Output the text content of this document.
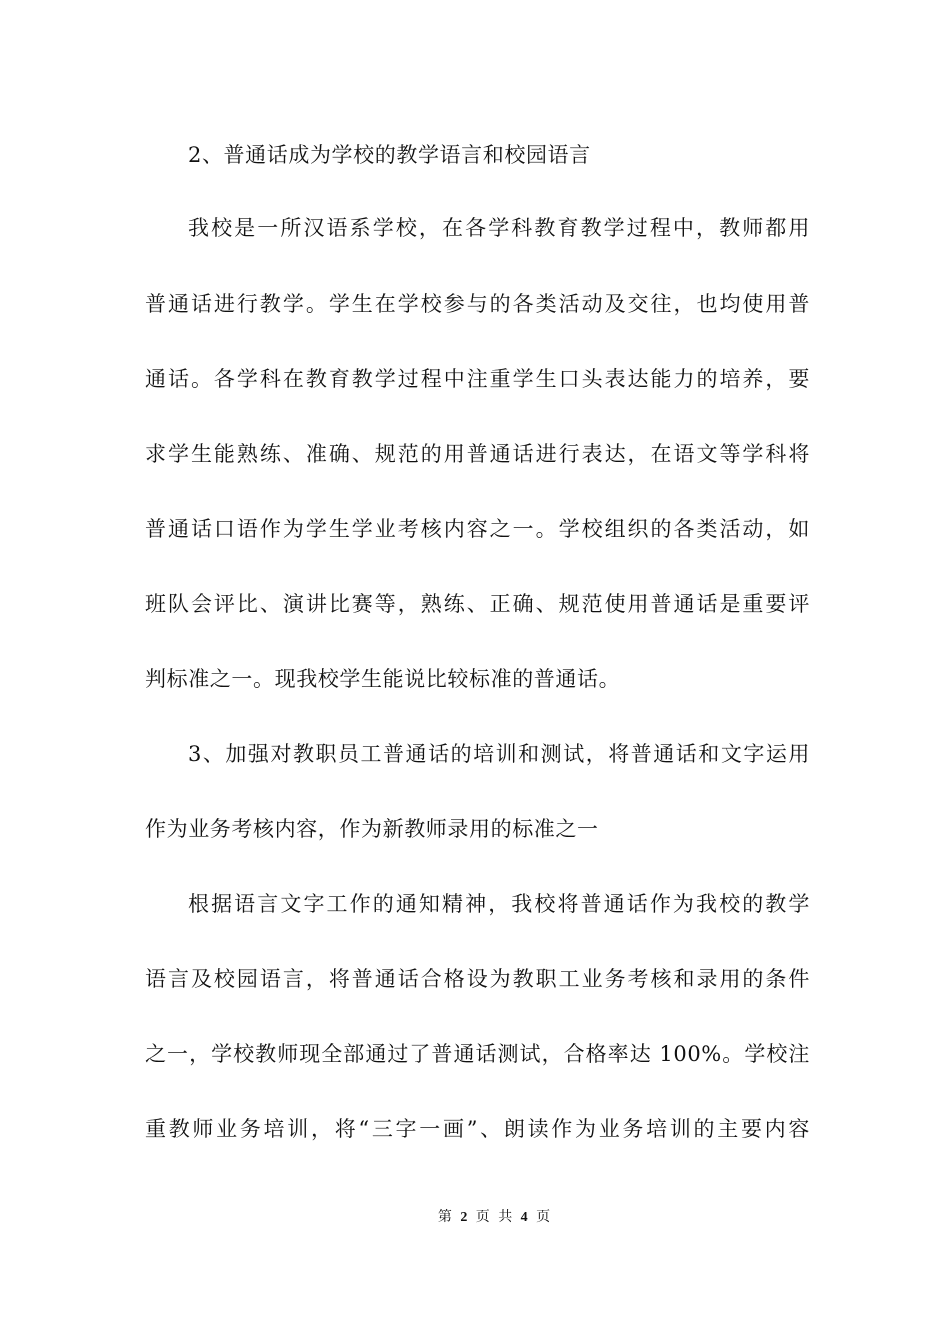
2、普通话成为学校的教学语言和校园语言
我校是一所汉语系学校，在各学科教育教学过程中，教师都用
普通话进行教学。学生在学校参与的各类活动及交往，也均使用普
通话。各学科在教育教学过程中注重学生口头表达能力的培养，要
求学生能熟练、准确、规范的用普通话进行表达，在语文等学科将
普通话口语作为学生学业考核内容之一。学校组织的各类活动，如
班队会评比、演讲比赛等，熟练、正确、规范使用普通话是重要评
判标准之一。现我校学生能说比较标准的普通话。
3、加强对教职员工普通话的培训和测试，将普通话和文字运用
作为业务考核内容，作为新教师录用的标准之一
根据语言文字工作的通知精神，我校将普通话作为我校的教学
语言及校园语言，将普通话合格设为教职工业务考核和录用的条件
之一，学校教师现全部通过了普通话测试，合格率达 100%。学校注
重教师业务培训，将“三字一画”、朗读作为业务培训的主要内容
第 2 页 共 4 页
